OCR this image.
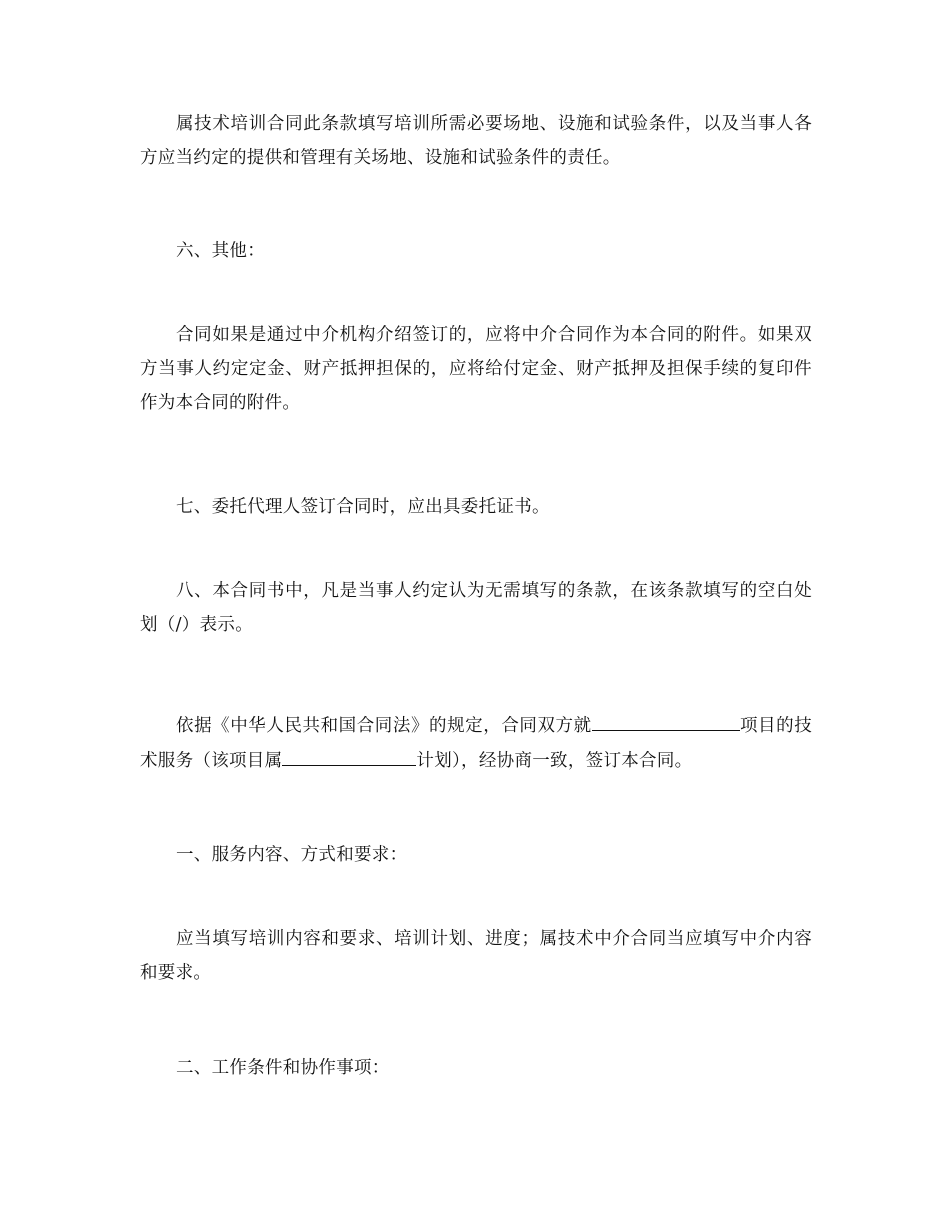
属技术培训合同此条款填写培训所需必要场地、设施和试验条件，以及当事人各方应当约定的提供和管理有关场地、设施和试验条件的责任。

六、其他：

合同如果是通过中介机构介绍签订的，应将中介合同作为本合同的附件。如果双方当事人约定定金、财产抵押担保的，应将给付定金、财产抵押及担保手续的复印件作为本合同的附件。

七、委托代理人签订合同时，应出具委托证书。

八、本合同书中，凡是当事人约定认为无需填写的条款，在该条款填写的空白处划（/）表示。

依据《中华人民共和国合同法》的规定，合同双方就	项目的技术服务（该项目属	计划），经协商一致，签订本合同。

一、服务内容、方式和要求：

应当填写培训内容和要求、培训计划、进度；属技术中介合同当应填写中介内容和要求。

二、工作条件和协作事项：
